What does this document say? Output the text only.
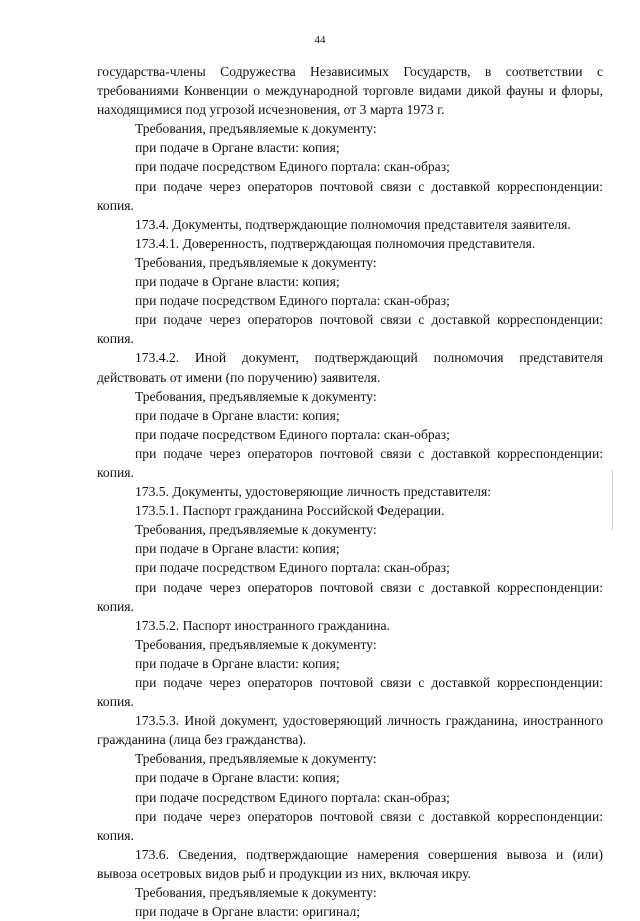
44

государства-члены Содружества Независимых Государств, в соответствии с требованиями Конвенции о международной торговле видами дикой фауны и флоры, находящимися под угрозой исчезновения, от 3 марта 1973 г.

Требования, предъявляемые к документу:

при подаче в Органе власти: копия;

при подаче посредством Единого портала: скан-образ;

при подаче через операторов почтовой связи с доставкой корреспонденции: копия.

173.4. Документы, подтверждающие полномочия представителя заявителя.

173.4.1. Доверенность, подтверждающая полномочия представителя.

Требования, предъявляемые к документу:

при подаче в Органе власти: копия;

при подаче посредством Единого портала: скан-образ;

при подаче через операторов почтовой связи с доставкой корреспонденции: копия.

173.4.2. Иной документ, подтверждающий полномочия представителя действовать от имени (по поручению) заявителя.

Требования, предъявляемые к документу:

при подаче в Органе власти: копия;

при подаче посредством Единого портала: скан-образ;

при подаче через операторов почтовой связи с доставкой корреспонденции: копия.

173.5. Документы, удостоверяющие личность представителя:

173.5.1. Паспорт гражданина Российской Федерации.

Требования, предъявляемые к документу:

при подаче в Органе власти: копия;

при подаче посредством Единого портала: скан-образ;

при подаче через операторов почтовой связи с доставкой корреспонденции: копия.

173.5.2. Паспорт иностранного гражданина.

Требования, предъявляемые к документу:

при подаче в Органе власти: копия;

при подаче через операторов почтовой связи с доставкой корреспонденции: копия.

173.5.3. Иной документ, удостоверяющий личность гражданина, иностранного гражданина (лица без гражданства).

Требования, предъявляемые к документу:

при подаче в Органе власти: копия;

при подаче посредством Единого портала: скан-образ;

при подаче через операторов почтовой связи с доставкой корреспонденции: копия.

173.6. Сведения, подтверждающие намерения совершения вывоза и (или) вывоза осетровых видов рыб и продукции из них, включая икру.

Требования, предъявляемые к документу:

при подаче в Органе власти: оригинал;
